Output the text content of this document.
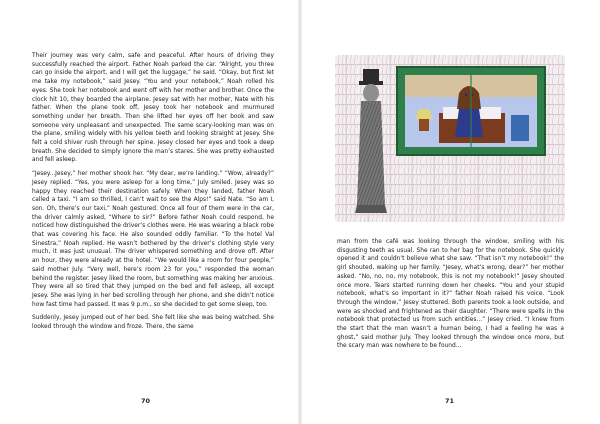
Their journey was very calm, safe and peaceful. After hours of driving they successfully reached the airport. Father Noah parked the car. “Alright, you three can go inside the airport, and I will get the luggage,” he said. “Okay, but first let me take my notebook,” said Jesey. “You and your notebook,” Noah rolled his eyes. She took her notebook and went off with her mother and brother. Once the clock hit 10, they boarded the airplane. Jesey sat with her mother, Nate with his father. When the plane took off, Jesey took her notebook and murmured something under her breath. Then she lifted her eyes off her book and saw someone very unpleasant and unexpected. The same scary-looking man was on the plane, smiling widely with his yellow teeth and looking straight at Jesey. She felt a cold shiver rush through her spine. Jesey closed her eyes and took a deep breath. She decided to simply ignore the man’s stares. She was pretty exhausted and fell asleep.

“Jesey...Jesey,” her mother shook her. “My dear, we’re landing.” “Wow, already?” Jesey replied. “Yes, you were asleep for a long time,” July smiled. Jesey was so happy they reached their destination safely. When they landed, father Noah called a taxi. “I am so thrilled, I can’t wait to see the Alps!” said Nate. “So am I, son. Oh, there’s our taxi,” Noah gestured. Once all four of them were in the car, the driver calmly asked, “Where to sir?” Before father Noah could respond, he noticed how distinguished the driver’s clothes were. He was wearing a black robe that was covering his face. He also sounded oddly familiar. “To the hotel Val Sinestra,” Noah replied. He wasn’t bothered by the driver’s clothing style very much, it was just unusual. The driver whispered something and drove off. After an hour, they were already at the hotel. “We would like a room for four people,” said mother July. “Very well, here’s room 23 for you,” responded the woman behind the register. Jesey liked the room, but something was making her anxious. They were all so tired that they jumped on the bed and fell asleep, all except Jesey. She was lying in her bed scrolling through her phone, and she didn’t notice how fast time had passed. It was 9 p.m., so she decided to get some sleep, too.

Suddenly, Jesey jumped out of her bed. She felt like she was being watched. She looked through the window and froze. There, the same

70

man from the café was looking through the window, smiling with his disgusting teeth as usual. She ran to her bag for the notebook. She quickly opened it and couldn’t believe what she saw. “That isn’t my notebook!” the girl shouted, waking up her family. “Jesey, what’s wrong, dear?” her mother asked. “No, no, no, my notebook, this is not my notebook!” Jesey shouted once more. Tears started running down her cheeks. “You and your stupid notebook, what’s so important in it?” father Noah raised his voice. “Look through the window,” Jesey stuttered. Both parents took a look outside, and were as shocked and frightened as their daughter. “There were spells in the notebook that protected us from such entities...” Jesey cried. “I knew from the start that the man wasn’t a human being, I had a feeling he was a ghost,” said mother July. They looked through the window once more, but the scary man was nowhere to be found...

71
